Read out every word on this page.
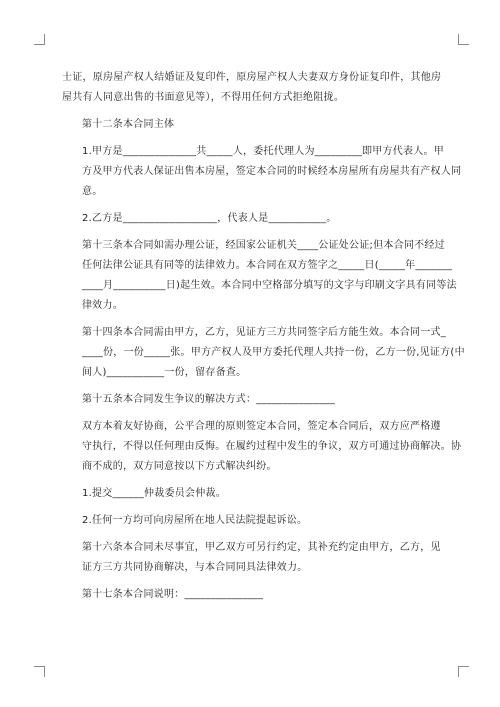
士证，原房屋产权人结婚证及复印件，原房屋产权人夫妻双方身份证复印件，其他房
屋共有人同意出售的书面意见等），不得用任何方式拒绝阻拢。
第十二条本合同主体
1.甲方是______________共_____人，委托代理人为_________即甲方代表人。甲
方及甲方代表人保证出售本房屋，签定本合同的时候经本房屋所有房屋共有产权人同
意。
2.乙方是__________________，代表人是___________。
第十三条本合同如需办理公证，经国家公证机关____公证处公证;但本合同不经过
任何法律公证具有同等的法律效力。本合同在双方签字之_____日(_____年_______
____月__________日)起生效。本合同中空格部分填写的文字与印刷文字具有同等法
律效力。
第十四条本合同需由甲方，乙方，见证方三方共同签字后方能生效。本合同一式_
____份，一份_____张。甲方产权人及甲方委托代理人共持一份，乙方一份,见证方(中
间人)___________一份，留存备查。
第十五条本合同发生争议的解决方式：_______________
双方本着友好协商，公平合理的原则签定本合同，签定本合同后，双方应严格遵
守执行，不得以任何理由反悔。在履约过程中发生的争议，双方可通过协商解决。协
商不成的，双方同意按以下方式解决纠纷。
1.提交______仲裁委员会仲裁。
2.任何一方均可向房屋所在地人民法院提起诉讼。
第十六条本合同未尽事宜，甲乙双方可另行约定，其补充约定由甲方，乙方，见
证方三方共同协商解决，与本合同同具法律效力。
第十七条本合同说明：_______________
